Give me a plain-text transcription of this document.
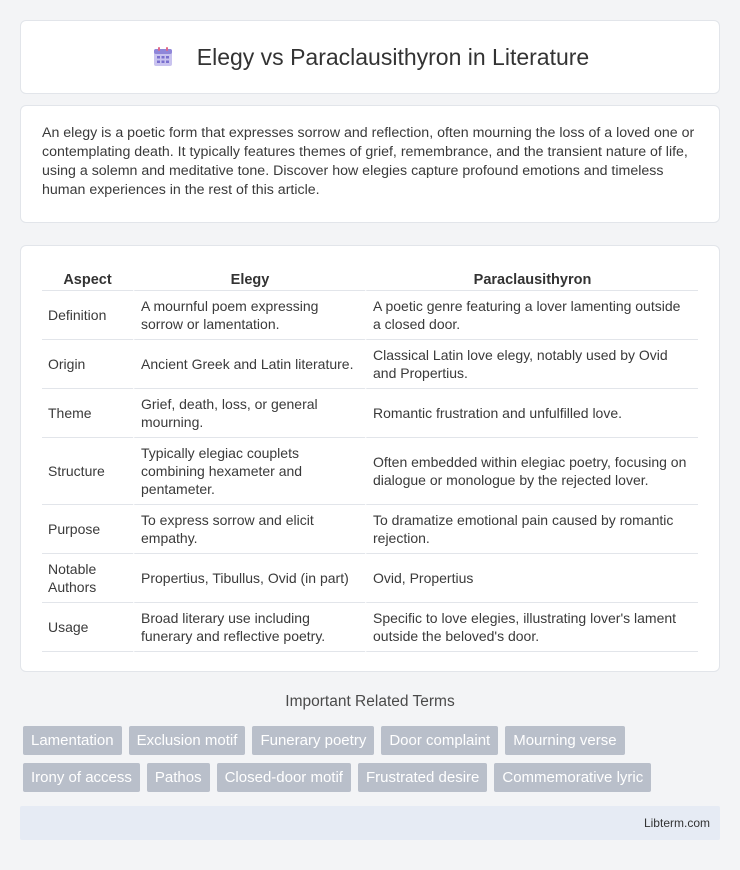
Elegy vs Paraclausithyron in Literature

An elegy is a poetic form that expresses sorrow and reflection, often mourning the loss of a loved one or contemplating death. It typically features themes of grief, remembrance, and the transient nature of life, using a solemn and meditative tone. Discover how elegies capture profound emotions and timeless human experiences in the rest of this article.

Aspect	Elegy	Paraclausithyron
Definition	A mournful poem expressing sorrow or lamentation.	A poetic genre featuring a lover lamenting outside a closed door.
Origin	Ancient Greek and Latin literature.	Classical Latin love elegy, notably used by Ovid and Propertius.
Theme	Grief, death, loss, or general mourning.	Romantic frustration and unfulfilled love.
Structure	Typically elegiac couplets combining hexameter and pentameter.	Often embedded within elegiac poetry, focusing on dialogue or monologue by the rejected lover.
Purpose	To express sorrow and elicit empathy.	To dramatize emotional pain caused by romantic rejection.
Notable Authors	Propertius, Tibullus, Ovid (in part)	Ovid, Propertius
Usage	Broad literary use including funerary and reflective poetry.	Specific to love elegies, illustrating lover's lament outside the beloved's door.
Important Related Terms
Lamentation	Exclusion motif	Funerary poetry	Door complaint	Mourning verse
Irony of access	Pathos	Closed-door motif	Frustrated desire	Commemorative lyric
Libterm.com
